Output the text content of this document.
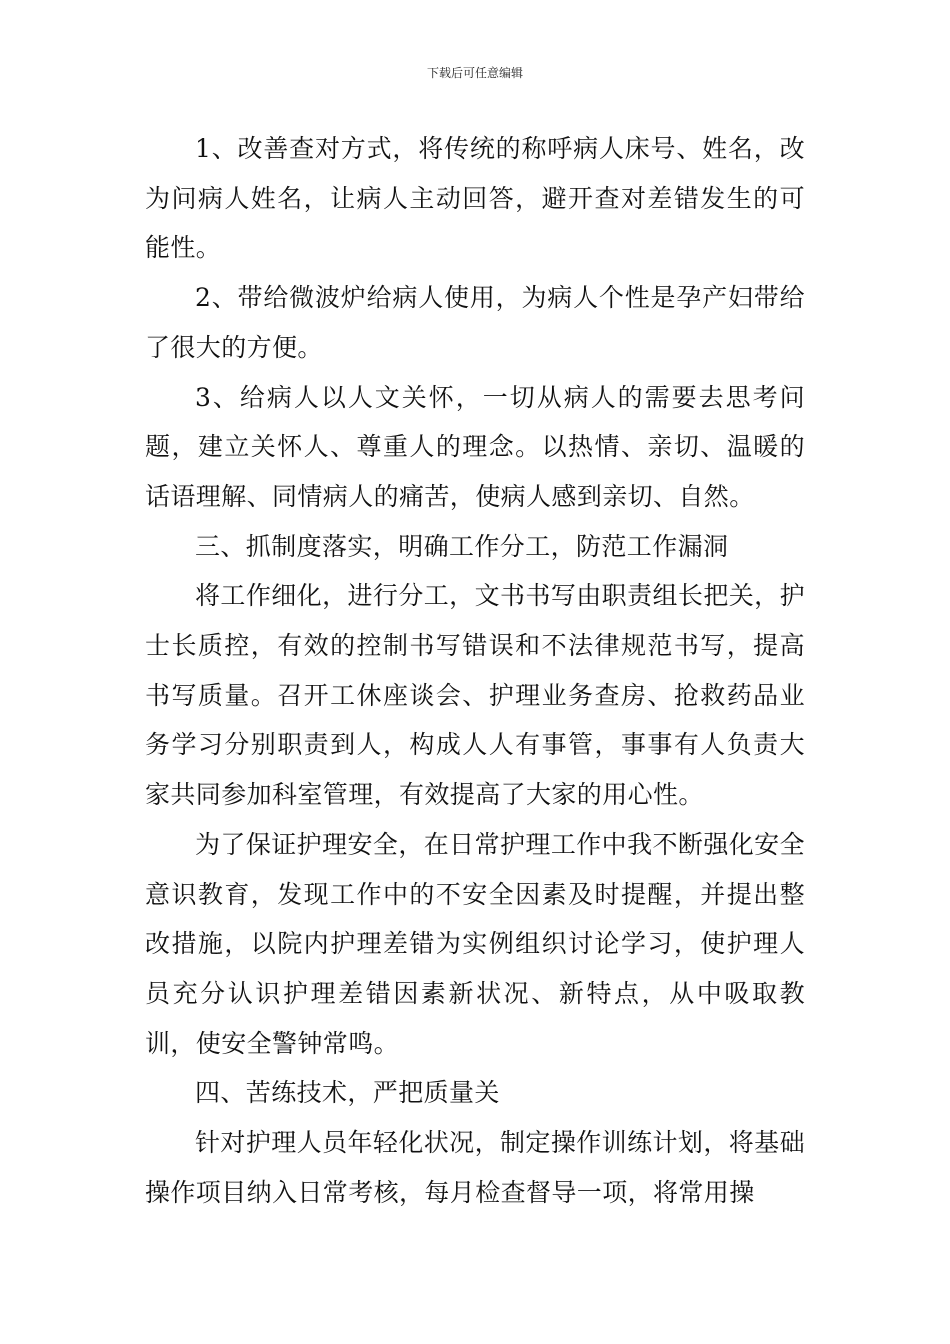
下载后可任意编辑

1、改善查对方式，将传统的称呼病人床号、姓名，改为问病人姓名，让病人主动回答，避开查对差错发生的可能性。

2、带给微波炉给病人使用，为病人个性是孕产妇带给了很大的方便。

3、给病人以人文关怀，一切从病人的需要去思考问题，建立关怀人、尊重人的理念。以热情、亲切、温暖的话语理解、同情病人的痛苦，使病人感到亲切、自然。

三、抓制度落实，明确工作分工，防范工作漏洞

将工作细化，进行分工，文书书写由职责组长把关，护士长质控，有效的控制书写错误和不法律规范书写，提高书写质量。召开工休座谈会、护理业务查房、抢救药品业务学习分别职责到人，构成人人有事管，事事有人负责大家共同参加科室管理，有效提高了大家的用心性。

为了保证护理安全，在日常护理工作中我不断强化安全意识教育，发现工作中的不安全因素及时提醒，并提出整改措施，以院内护理差错为实例组织讨论学习，使护理人员充分认识护理差错因素新状况、新特点，从中吸取教训，使安全警钟常鸣。

四、苦练技术，严把质量关

针对护理人员年轻化状况，制定操作训练计划，将基础操作项目纳入日常考核，每月检查督导一项，将常用操
